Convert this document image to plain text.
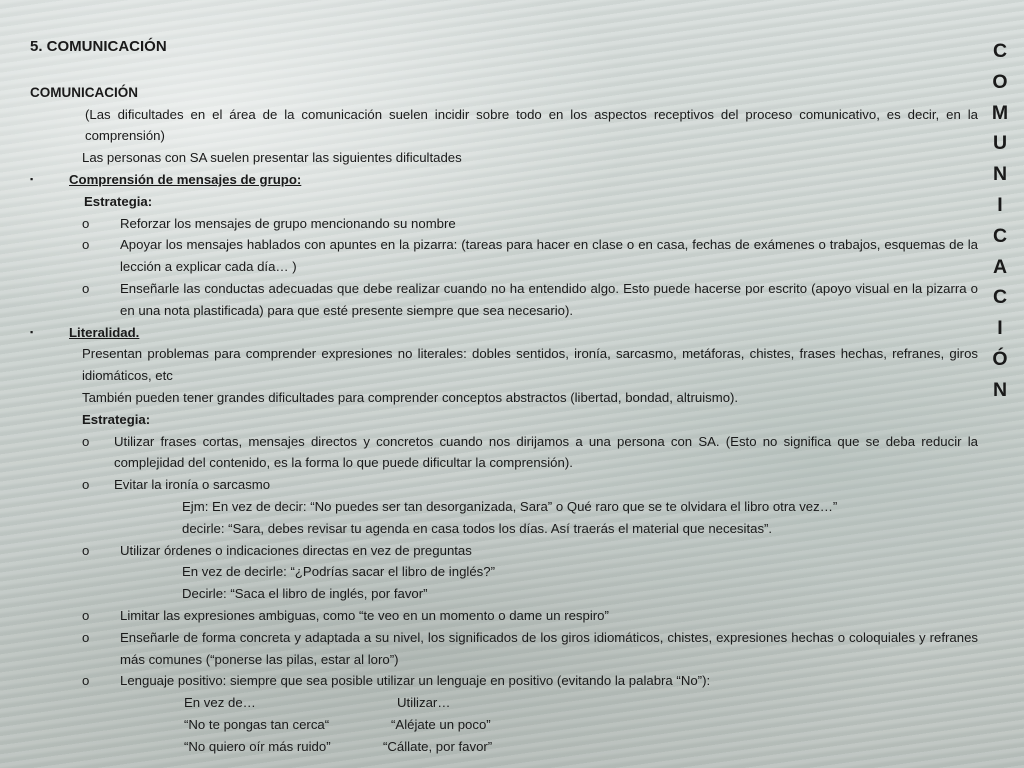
5. COMUNICACIÓN
COMUNICACIÓN
(Las dificultades en el área de la comunicación suelen incidir sobre todo en los aspectos receptivos del proceso comunicativo, es decir, en la comprensión)
Las personas con SA suelen presentar las siguientes dificultades
▪	Comprensión de mensajes de grupo:
Estrategia:
o Reforzar los mensajes de grupo mencionando su nombre
o Apoyar los mensajes hablados con apuntes en la pizarra: (tareas para hacer en clase o en casa, fechas de exámenes o trabajos, esquemas de la lección a explicar cada día… )
o Enseñarle las conductas adecuadas que debe realizar cuando no ha entendido algo. Esto puede hacerse por escrito (apoyo visual en la pizarra o en una nota plastificada) para que esté presente siempre que sea necesario).
▪	Literalidad.
Presentan problemas para comprender expresiones no literales: dobles sentidos, ironía, sarcasmo, metáforas, chistes, frases hechas, refranes, giros idiomáticos, etc
También pueden tener grandes dificultades para comprender conceptos abstractos (libertad, bondad, altruismo).
Estrategia:
o Utilizar frases cortas, mensajes directos y concretos cuando nos dirijamos a una persona con SA. (Esto no significa que se deba reducir la complejidad del contenido, es la forma lo que puede dificultar la comprensión).
o Evitar la ironía o sarcasmo
Ejm: En vez de decir: “No puedes ser tan desorganizada, Sara” o Qué raro que se te olvidara el libro otra vez…”
decirle: “Sara, debes revisar tu agenda en casa todos los días. Así traerás el material que necesitas”.
o Utilizar órdenes o indicaciones directas en vez de preguntas
En vez de decirle: “¿Podrías sacar el libro de inglés?”
Decirle: “Saca el libro de inglés, por favor”
o Limitar las expresiones ambiguas, como “te veo en un momento o dame un respiro”
o Enseñarle de forma concreta y adaptada a su nivel, los significados de los giros idiomáticos, chistes, expresiones hechas o coloquiales y refranes más comunes (“ponerse las pilas, estar al loro”)
o Lenguaje positivo: siempre que sea posible utilizar un lenguaje en positivo (evitando la palabra “No”):
En vez de…	Utilizar…
“No te pongas tan cerca“	“Aléjate un poco”
“No quiero oír más ruido”	“Cállate, por favor”
C
O
M
U
N
I
C
A
C
I
Ó
N
